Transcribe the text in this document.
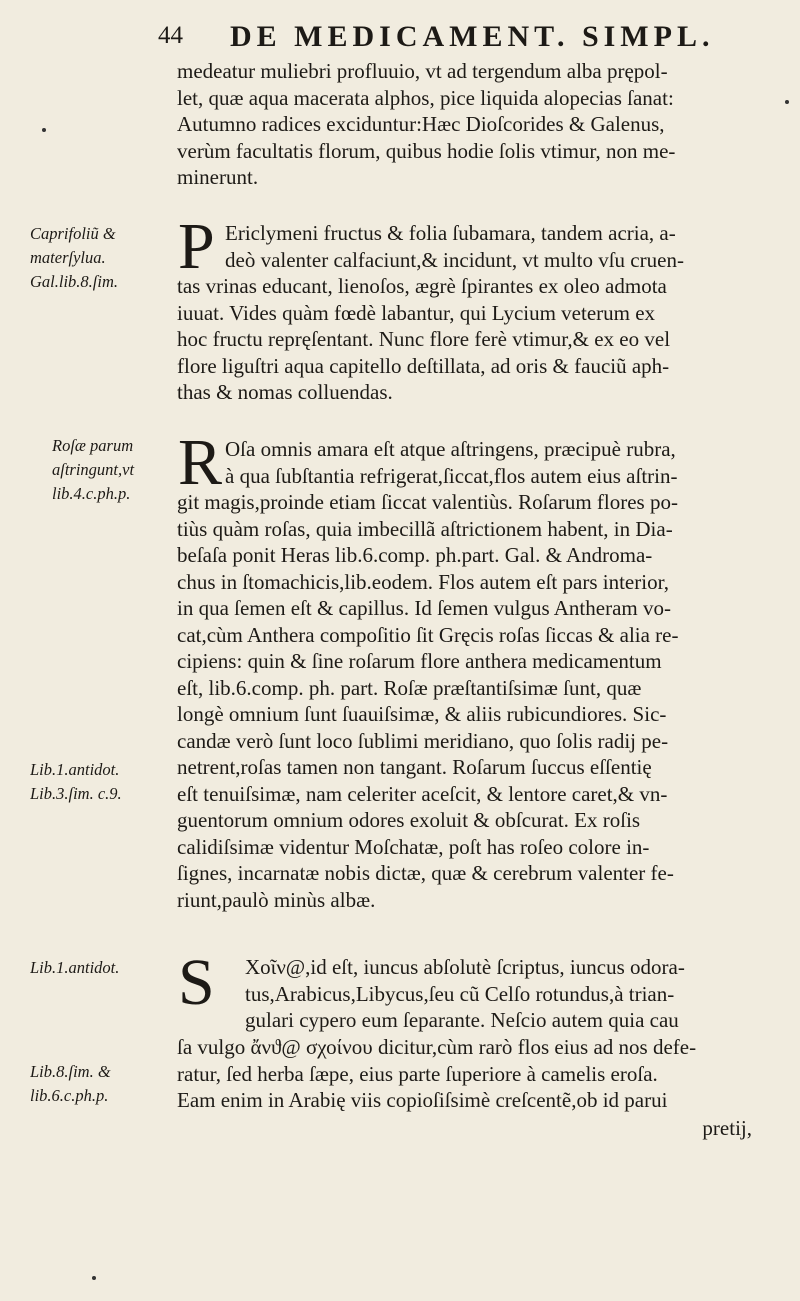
44 DE MEDICAMENT. SIMPL.
medeatur muliebri profluuio, vt ad tergendum alba prępol-
let, quæ aqua macerata alphos, pice liquida alopecias ſanat:
Autumno radices exciduntur:Hæc Dioſcorides & Galenus,
verùm facultatis florum, quibus hodie ſolis vtimur, non me-
minerunt.
Caprifoliũ &
materſylua.
Gal.lib.8.ſim. P Ericlymeni fructus & folia ſubamara, tandem acria, a-
deò valenter calfaciunt,& incidunt, vt multo vſu cruen-
tas vrinas educant, lienoſos, ægrè ſpirantes ex oleo admota
iuuat. Vides quàm fœdè labantur, qui Lycium veterum ex
hoc fructu repręſentant. Nunc flore ferè vtimur,& ex eo vel
flore liguſtri aqua capitello deſtillata, ad oris & fauciũ aph-
thas & nomas colluendas.
Roſæ parum
aſtringunt,vt
lib.4.c.ph.p. R Oſa omnis amara eſt atque aſtringens, præcipuè rubra,
à qua ſubſtantia refrigerat,ſiccat,flos autem eius aſtrin-
git magis,proinde etiam ſiccat valentiùs. Roſarum flores po-
tiùs quàm roſas, quia imbecillã aſtrictionem habent, in Dia-
beſaſa ponit Heras lib.6.comp. ph.part. Gal. & Androma-
chus in ſtomachicis,lib.eodem. Flos autem eſt pars interior,
in qua ſemen eſt & capillus. Id ſemen vulgus Antheram vo-
cat,cùm Anthera compoſitio ſit Gręcis roſas ſiccas & alia re-
cipiens: quin & ſine roſarum flore anthera medicamentum
eſt, lib.6.comp. ph. part. Roſæ præſtantiſsimæ ſunt, quæ
longè omnium ſunt ſuauiſsimæ, & aliis rubicundiores. Sic-
candæ verò ſunt loco ſublimi meridiano, quo ſolis radij pe-
netrent,roſas tamen non tangant. Roſarum ſuccus eſſentię
eſt tenuiſsimæ, nam celeriter aceſcit, & lentore caret,& vn-
guentorum omnium odores exoluit & obſcurat. Ex roſis
calidiſsimæ videntur Moſchatæ, poſt has roſeo colore in-
ſignes, incarnatæ nobis dictæ, quæ & cerebrum valenter fe-
riunt,paulò minùs albæ.
Lib.1.antidot.
Lib.3.ſim. c.9.
Lib.1.antidot. S Xοῖν@,id eſt, iuncus abſolutè ſcriptus, iuncus odora-
tus,Arabicus,Libycus,ſeu cũ Celſo rotundus,à trian-
gulari cypero eum ſeparante. Neſcio autem quia cau
ſa vulgo ἄνϑ@ σχοίνου dicitur,cùm rarò flos eius ad nos defe-
ratur, ſed herba ſæpe, eius parte ſuperiore à camelis eroſa.
Eam enim in Arabię viis copioſiſsimè creſcentẽ,ob id parui
Lib.8.ſim. &
lib.6.c.ph.p.
pretij,
